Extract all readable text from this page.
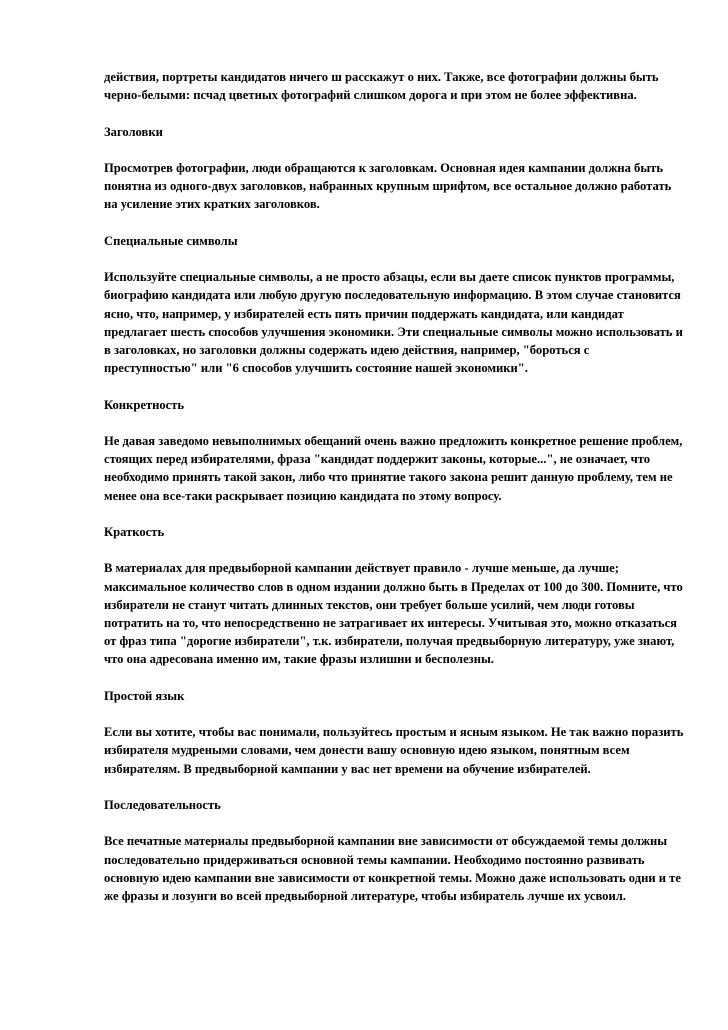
действия, портреты кандидатов ничего ш расскажут о них. Также, все фотографии должны быть черно-белыми: псчад цветных фотографий слишком дорога и при этом не более эффективна.

Заголовки

Просмотрев фотографии, люди обращаются к заголовкам. Основная идея кампании должна быть понятна из одного-двух заголовков, набранных крупным шрифтом, все остальное должно работать на усиление этих кратких заголовков.

Специальные символы

Используйте специальные символы, а не просто абзацы, если вы даете список пунктов программы, биографию кандидата или любую другую последовательную информацию. В этом случае становится ясно, что, например, у избирателей есть пять причин поддержать кандидата, или кандидат предлагает шесть способов улучшения экономики. Эти специальные символы можно использовать и в заголовках, но заголовки должны содержать идею действия, например, "бороться с преступностью" или "6 способов улучшить состояние нашей экономики".

Конкретность

Не давая заведомо невыполнимых обещаний очень важно предложить конкретное решение проблем, стоящих перед избирателями, фраза "кандидат поддержит законы, которые...", не означает, что необходимо принять такой закон, либо что принятие такого закона решит данную проблему, тем не менее она все-таки раскрывает позицию кандидата по этому вопросу.

Краткость

В материалах для предвыборной кампании действует правило - лучше меньше, да лучше; максимальное количество слов в одном издании должно быть в Пределах от 100 до 300. Помните, что избиратели не станут читать длинных текстов, они требует больше усилий, чем люди готовы потратить на то, что непосредственно не затрагивает их интересы. Учитывая это, можно отказаться от фраз типа "дорогие избиратели", т.к. избиратели, получая предвыборную литературу, уже знают, что она адресована именно им, такие фразы излишни и бесполезны.

Простой язык

Если вы хотите, чтобы вас понимали, пользуйтесь простым и ясным языком. Не так важно поразить избирателя мудреными словами, чем донести вашу основную идею языком, понятным всем избирателям. В предвыборной кампании у вас нет времени на обучение избирателей.

Последовательность

Все печатные материалы предвыборной кампании вне зависимости от обсуждаемой темы должны последовательно придерживаться основной темы кампании. Необходимо постоянно развивать основную идею кампании вне зависимости от конкретной темы. Можно даже использовать одни и те же фразы и лозунги во всей предвыборной литературе, чтобы избиратель лучше их усвоил.
